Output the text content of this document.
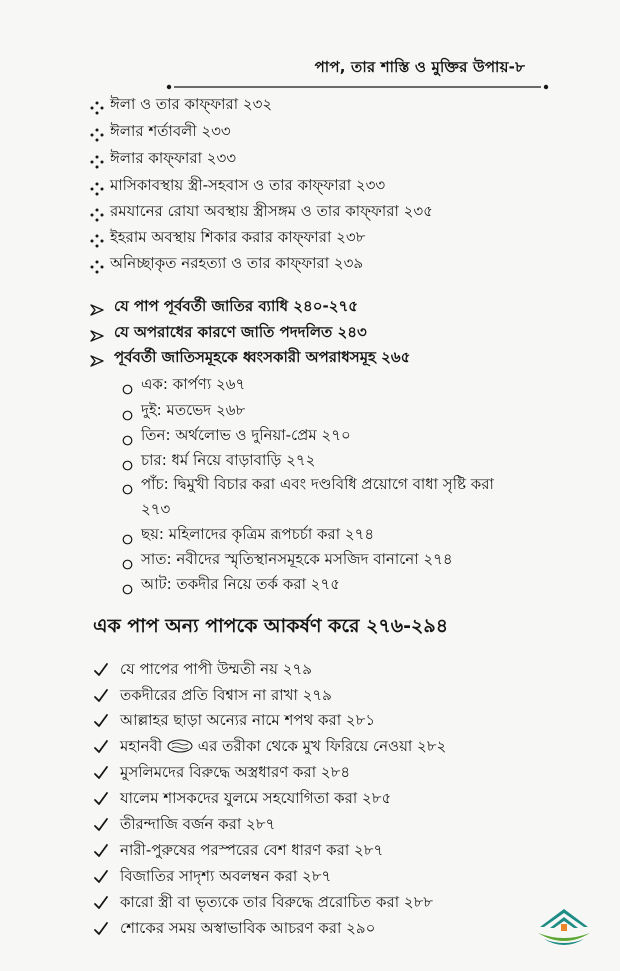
পাপ, তার শাস্তি ও মুক্তির উপায়-৮
ঈলা ও তার কাফ্ফারা ২৩২
ঈলার শর্তাবলী ২৩৩
ঈলার কাফ্ফারা ২৩৩
মাসিকাবস্থায় স্ত্রী-সহবাস ও তার কাফ্ফারা ২৩৩
রমযানের রোযা অবস্থায় স্ত্রীসঙ্গম ও তার কাফ্ফারা ২৩৫
ইহরাম অবস্থায় শিকার করার কাফ্ফারা ২৩৮
অনিচ্ছাকৃত নরহত্যা ও তার কাফ্ফারা ২৩৯
যে পাপ পূর্ববর্তী জাতির ব্যাধি ২৪০-২৭৫
যে অপরাধের কারণে জাতি পদদলিত ২৪৩
পূর্ববর্তী জাতিসমূহকে ধ্বংসকারী অপরাধসমূহ ২৬৫
এক: কার্পণ্য ২৬৭
দুই: মতভেদ ২৬৮
তিন: অর্থলোভ ও দুনিয়া-প্রেম ২৭০
চার: ধর্ম নিয়ে বাড়াবাড়ি ২৭২
পাঁচ: দ্বিমুখী বিচার করা এবং দণ্ডবিধি প্রয়োগে বাধা সৃষ্টি করা
২৭৩
ছয়: মহিলাদের কৃত্রিম রূপচর্চা করা ২৭৪
সাত: নবীদের স্মৃতিস্থানসমূহকে মসজিদ বানানো ২৭৪
আট: তকদীর নিয়ে তর্ক করা ২৭৫
এক পাপ অন্য পাপকে আকর্ষণ করে ২৭৬-২৯৪
যে পাপের পাপী উম্মতী নয় ২৭৯
তকদীরের প্রতি বিশ্বাস না রাখা ২৭৯
আল্লাহর ছাড়া অন্যের নামে শপথ করা ২৮১
মহানবী এর তরীকা থেকে মুখ ফিরিয়ে নেওয়া ২৮২
মুসলিমদের বিরুদ্ধে অস্ত্রধারণ করা ২৮৪
যালেম শাসকদের যুলমে সহযোগিতা করা ২৮৫
তীরন্দাজি বর্জন করা ২৮৭
নারী-পুরুষের পরস্পরের বেশ ধারণ করা ২৮৭
বিজাতির সাদৃশ্য অবলম্বন করা ২৮৭
কারো স্ত্রী বা ভৃত্যকে তার বিরুদ্ধে প্ররোচিত করা ২৮৮
শোকের সময় অস্বাভাবিক আচরণ করা ২৯০
